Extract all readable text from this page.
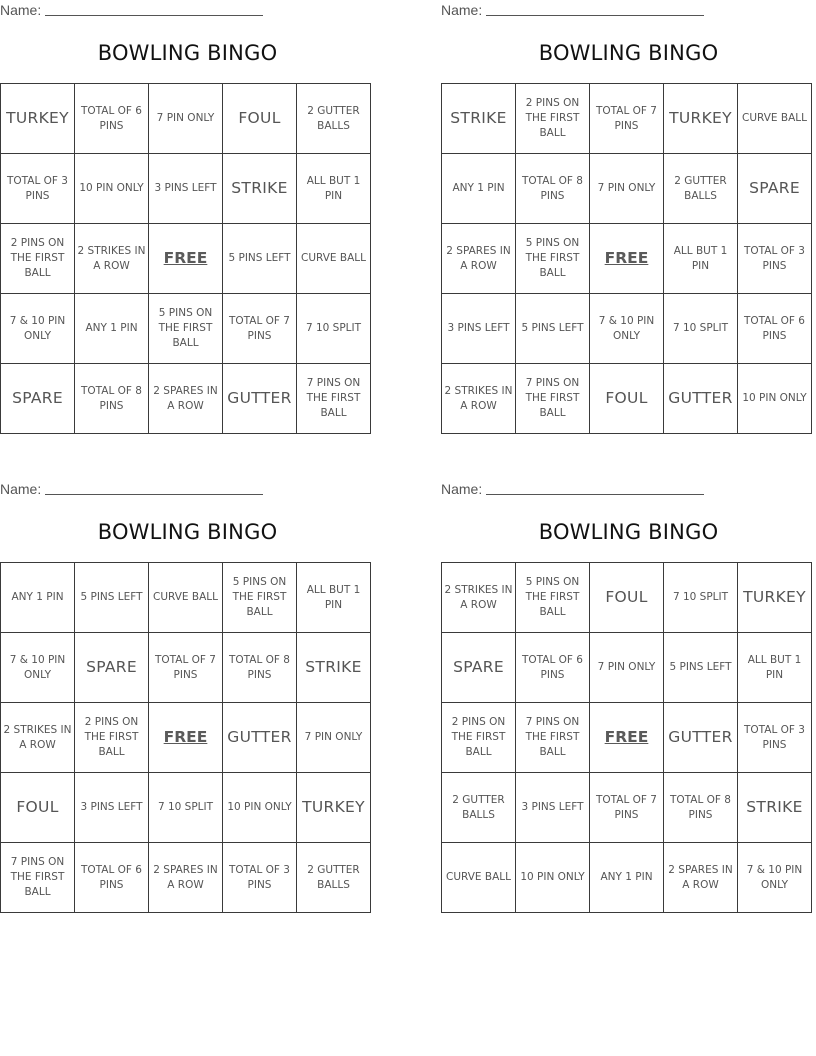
Name:
BOWLING BINGO
TURKEY	TOTAL OF 6 PINS	7 PIN ONLY	FOUL	2 GUTTER BALLS
TOTAL OF 3 PINS	10 PIN ONLY	3 PINS LEFT	STRIKE	ALL BUT 1 PIN
2 PINS ON THE FIRST BALL	2 STRIKES IN A ROW	FREE	5 PINS LEFT	CURVE BALL
7 & 10 PIN ONLY	ANY 1 PIN	5 PINS ON THE FIRST BALL	TOTAL OF 7 PINS	7 10 SPLIT
SPARE	TOTAL OF 8 PINS	2 SPARES IN A ROW	GUTTER	7 PINS ON THE FIRST BALL
Name:
BOWLING BINGO
STRIKE	2 PINS ON THE FIRST BALL	TOTAL OF 7 PINS	TURKEY	CURVE BALL
ANY 1 PIN	TOTAL OF 8 PINS	7 PIN ONLY	2 GUTTER BALLS	SPARE
2 SPARES IN A ROW	5 PINS ON THE FIRST BALL	FREE	ALL BUT 1 PIN	TOTAL OF 3 PINS
3 PINS LEFT	5 PINS LEFT	7 & 10 PIN ONLY	7 10 SPLIT	TOTAL OF 6 PINS
2 STRIKES IN A ROW	7 PINS ON THE FIRST BALL	FOUL	GUTTER	10 PIN ONLY
Name:
BOWLING BINGO
ANY 1 PIN	5 PINS LEFT	CURVE BALL	5 PINS ON THE FIRST BALL	ALL BUT 1 PIN
7 & 10 PIN ONLY	SPARE	TOTAL OF 7 PINS	TOTAL OF 8 PINS	STRIKE
2 STRIKES IN A ROW	2 PINS ON THE FIRST BALL	FREE	GUTTER	7 PIN ONLY
FOUL	3 PINS LEFT	7 10 SPLIT	10 PIN ONLY	TURKEY
7 PINS ON THE FIRST BALL	TOTAL OF 6 PINS	2 SPARES IN A ROW	TOTAL OF 3 PINS	2 GUTTER BALLS
Name:
BOWLING BINGO
2 STRIKES IN A ROW	5 PINS ON THE FIRST BALL	FOUL	7 10 SPLIT	TURKEY
SPARE	TOTAL OF 6 PINS	7 PIN ONLY	5 PINS LEFT	ALL BUT 1 PIN
2 PINS ON THE FIRST BALL	7 PINS ON THE FIRST BALL	FREE	GUTTER	TOTAL OF 3 PINS
2 GUTTER BALLS	3 PINS LEFT	TOTAL OF 7 PINS	TOTAL OF 8 PINS	STRIKE
CURVE BALL	10 PIN ONLY	ANY 1 PIN	2 SPARES IN A ROW	7 & 10 PIN ONLY
